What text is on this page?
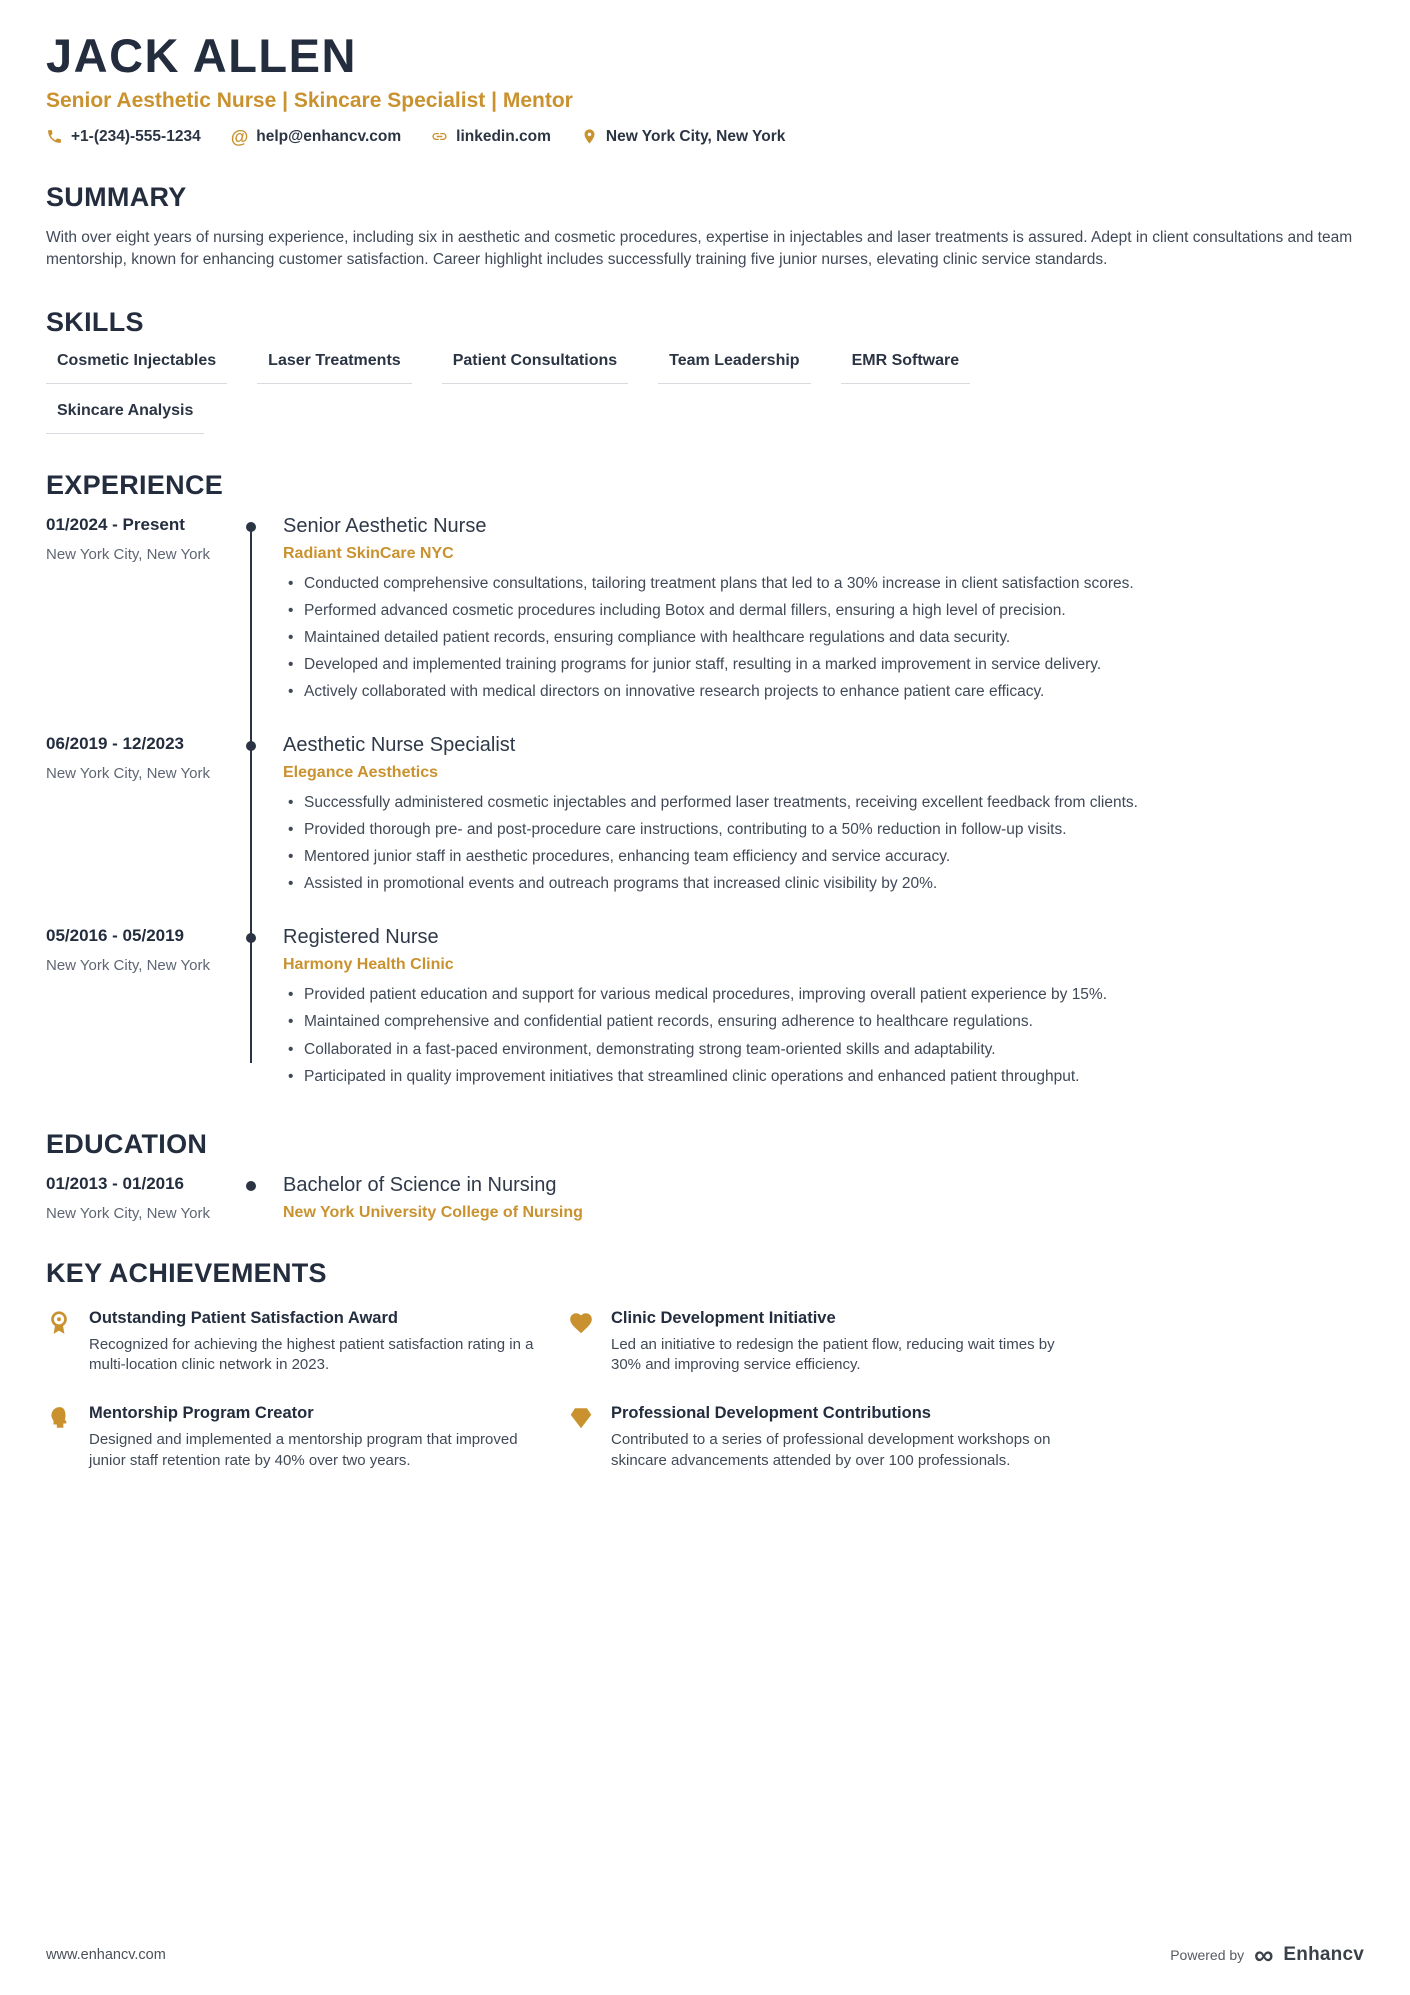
JACK ALLEN
Senior Aesthetic Nurse | Skincare Specialist | Mentor
+1-(234)-555-1234 @ help@enhancv.com	linkedin.com	New York City, New York
SUMMARY

With over eight years of nursing experience, including six in aesthetic and cosmetic procedures, expertise in injectables and laser treatments is assured. Adept in client consultations and team mentorship, known for enhancing customer satisfaction. Career highlight includes successfully training five junior nurses, elevating clinic service standards.

SKILLS
Cosmetic Injectables	Laser Treatments	Patient Consultations	Team Leadership	EMR Software
Skincare Analysis
EXPERIENCE
01/2024 - Present
New York City, New York
Senior Aesthetic Nurse
Radiant SkinCare NYC
• Conducted comprehensive consultations, tailoring treatment plans that led to a 30% increase in client satisfaction scores.
• Performed advanced cosmetic procedures including Botox and dermal fillers, ensuring a high level of precision.
• Maintained detailed patient records, ensuring compliance with healthcare regulations and data security.
• Developed and implemented training programs for junior staff, resulting in a marked improvement in service delivery.
• Actively collaborated with medical directors on innovative research projects to enhance patient care efficacy.
06/2019 - 12/2023
New York City, New York
Aesthetic Nurse Specialist
Elegance Aesthetics
• Successfully administered cosmetic injectables and performed laser treatments, receiving excellent feedback from clients.
• Provided thorough pre- and post-procedure care instructions, contributing to a 50% reduction in follow-up visits.
• Mentored junior staff in aesthetic procedures, enhancing team efficiency and service accuracy.
• Assisted in promotional events and outreach programs that increased clinic visibility by 20%.
05/2016 - 05/2019
New York City, New York
Registered Nurse
Harmony Health Clinic
• Provided patient education and support for various medical procedures, improving overall patient experience by 15%.
• Maintained comprehensive and confidential patient records, ensuring adherence to healthcare regulations.
• Collaborated in a fast-paced environment, demonstrating strong team-oriented skills and adaptability.
• Participated in quality improvement initiatives that streamlined clinic operations and enhanced patient throughput.
EDUCATION
01/2013 - 01/2016
New York City, New York
Bachelor of Science in Nursing
New York University College of Nursing
KEY ACHIEVEMENTS
Outstanding Patient Satisfaction Award

Recognized for achieving the highest patient satisfaction rating in a multi-location clinic network in 2023.

Clinic Development Initiative

Led an initiative to redesign the patient flow, reducing wait times by 30% and improving service efficiency.

Mentorship Program Creator

Designed and implemented a mentorship program that improved junior staff retention rate by 40% over two years.

Professional Development Contributions

Contributed to a series of professional development workshops on skincare advancements attended by over 100 professionals.

www.enhancv.com	Powered by ∞ Enhancv
